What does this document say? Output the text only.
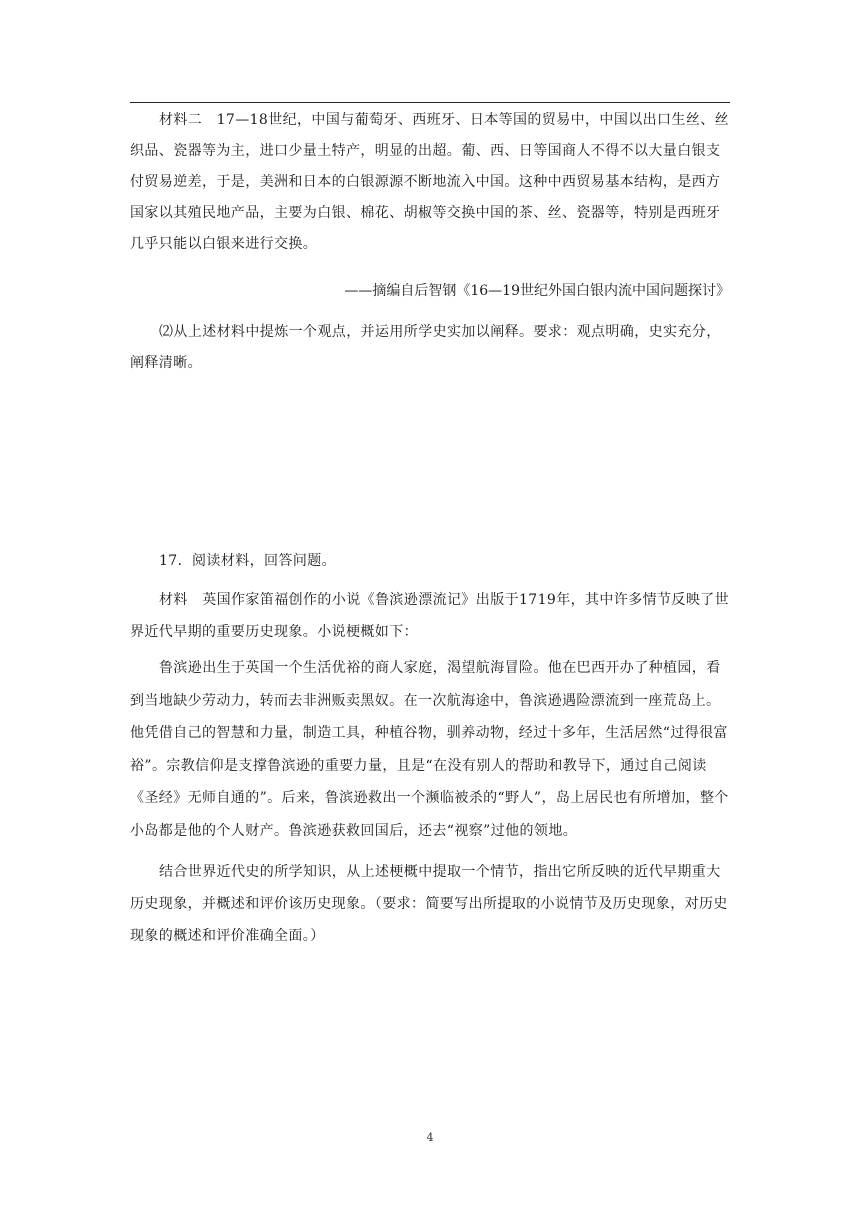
材料二　17—18世纪，中国与葡萄牙、西班牙、日本等国的贸易中，中国以出口生丝、丝织品、瓷器等为主，进口少量土特产，明显的出超。葡、西、日等国商人不得不以大量白银支付贸易逆差，于是，美洲和日本的白银源源不断地流入中国。这种中西贸易基本结构，是西方国家以其殖民地产品，主要为白银、棉花、胡椒等交换中国的茶、丝、瓷器等，特别是西班牙几乎只能以白银来进行交换。

——摘编自后智钢《16—19世纪外国白银内流中国问题探讨》

⑵从上述材料中提炼一个观点，并运用所学史实加以阐释。要求：观点明确，史实充分，阐释清晰。

17．阅读材料，回答问题。

材料　英国作家笛福创作的小说《鲁滨逊漂流记》出版于1719年，其中许多情节反映了世界近代早期的重要历史现象。小说梗概如下：

鲁滨逊出生于英国一个生活优裕的商人家庭，渴望航海冒险。他在巴西开办了种植园，看到当地缺少劳动力，转而去非洲贩卖黑奴。在一次航海途中，鲁滨逊遇险漂流到一座荒岛上。他凭借自己的智慧和力量，制造工具，种植谷物，驯养动物，经过十多年，生活居然“过得很富裕”。宗教信仰是支撑鲁滨逊的重要力量，且是“在没有别人的帮助和教导下，通过自己阅读《圣经》无师自通的”。后来，鲁滨逊救出一个濒临被杀的“野人”，岛上居民也有所增加，整个小岛都是他的个人财产。鲁滨逊获救回国后，还去“视察”过他的领地。

结合世界近代史的所学知识，从上述梗概中提取一个情节，指出它所反映的近代早期重大历史现象，并概述和评价该历史现象。（要求：简要写出所提取的小说情节及历史现象，对历史现象的概述和评价准确全面。）

4
